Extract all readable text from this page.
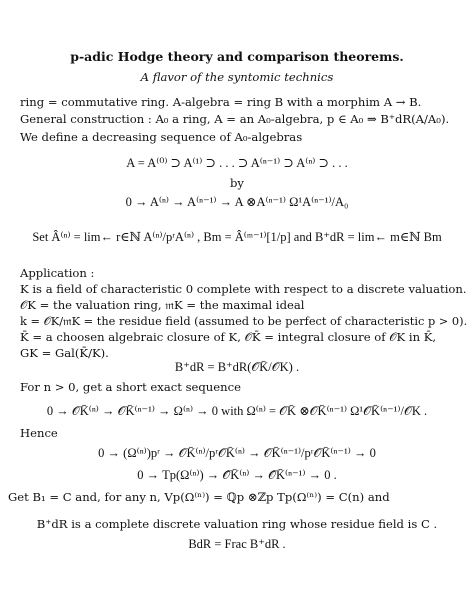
p-adic Hodge theory and comparison theorems.
A flavor of the syntomic technics
ring = commutative ring. A-algebra = ring B with a morphim A → B.
General construction : A₀ a ring, A = an A₀-algebra, p ∈ A₀ ⇒ B⁺dR(A/A₀).
We define a decreasing sequence of A₀-algebras
A = A⁽⁰⁾ ⊃ A⁽¹⁾ ⊃ . . . ⊃ A⁽ⁿ⁻¹⁾ ⊃ A⁽ⁿ⁾ ⊃ . . .
by
0 → A⁽ⁿ⁾ → A⁽ⁿ⁻¹⁾ → A ⊗A⁽ⁿ⁻¹⁾ Ω¹A⁽ⁿ⁻¹⁾/A₀
Set Â⁽ⁿ⁾ = lim← r∈ℕ A⁽ⁿ⁾/pʳA⁽ⁿ⁾ , Bm = Â⁽ᵐ⁻¹⁾[1/p] and B⁺dR = lim← m∈ℕ Bm
Application :
K is a field of characteristic 0 complete with respect to a discrete valuation.
𝒪K = the valuation ring, 𝔪K = the maximal ideal
k = 𝒪K/𝔪K = the residue field (assumed to be perfect of characteristic p > 0).
K̄ = a choosen algebraic closure of K, 𝒪K̄ = integral closure of 𝒪K in K̄,
GK = Gal(K̄/K).
B⁺dR = B⁺dR(𝒪K̄/𝒪K) .
For n > 0, get a short exact sequence
0 → 𝒪K̄⁽ⁿ⁾ → 𝒪K̄⁽ⁿ⁻¹⁾ → Ω⁽ⁿ⁾ → 0 with Ω⁽ⁿ⁾ = 𝒪K̄ ⊗𝒪K̄⁽ⁿ⁻¹⁾ Ω¹𝒪K̄⁽ⁿ⁻¹⁾/𝒪K .
Hence
0 → (Ω⁽ⁿ⁾)pʳ → 𝒪K̄⁽ⁿ⁾/pʳ𝒪K̄⁽ⁿ⁾ → 𝒪K̄⁽ⁿ⁻¹⁾/pʳ𝒪K̄⁽ⁿ⁻¹⁾ → 0
0 → Tp(Ω⁽ⁿ⁾) → 𝒪̂K̄⁽ⁿ⁾ → 𝒪̂K̄⁽ⁿ⁻¹⁾ → 0 .
Get B₁ = C and, for any n, Vp(Ω⁽ⁿ⁾) = ℚp ⊗ℤp Tp(Ω⁽ⁿ⁾) = C(n) and
B⁺dR is a complete discrete valuation ring whose residue field is C .
BdR = Frac B⁺dR .
